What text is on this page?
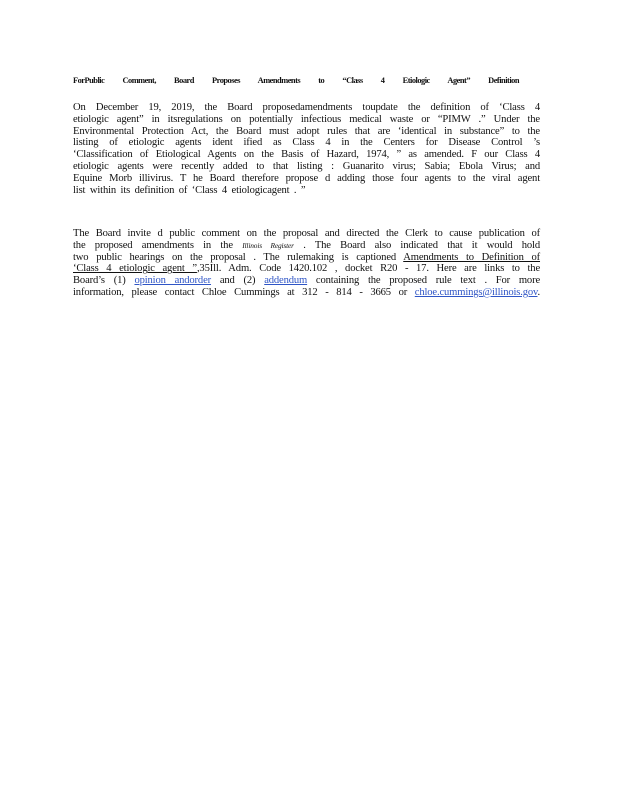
ForPublic Comment, Board Proposes Amendments to “Class 4 Etiologic Agent” Definition
On December 19, 2019, the Board proposedamendments toupdate the definition of ‘Class 4
etiologic agent” in itsregulations on potentially infectious medical waste or “PIMW .” Under the
Environmental Protection Act, the Board must adopt rules that are ‘identical in substance” to the
listing of etiologic agents ident ified as Class 4 in the Centers for Disease Control ’s
‘Classification of Etiological Agents on the Basis of Hazard, 1974, ” as amended. F our Class 4
etiologic agents were recently added to that listing : Guanarito virus; Sabia; Ebola Virus; and
Equine Morb illivirus. T he Board therefore propose d adding those four agents to the viral agent
list within its definition of ‘Class 4 etiologicagent . ”
The Board invite d public comment on the proposal and directed the Clerk to cause publication of
the proposed amendments in the Illinois Register . The Board also indicated that it would hold
two public hearings on the proposal . The rulemaking is captioned Amendments to Definition of
‘Class 4 etiologic agent ”,35Ill. Adm. Code 1420.102 , docket R20 - 17. Here are links to the
Board’s (1) opinion andorder and (2) addendum containing the proposed rule text . For more
information, please contact Chloe Cummings at 312 - 814 - 3665 or chloe.cummings@illinois.gov.
